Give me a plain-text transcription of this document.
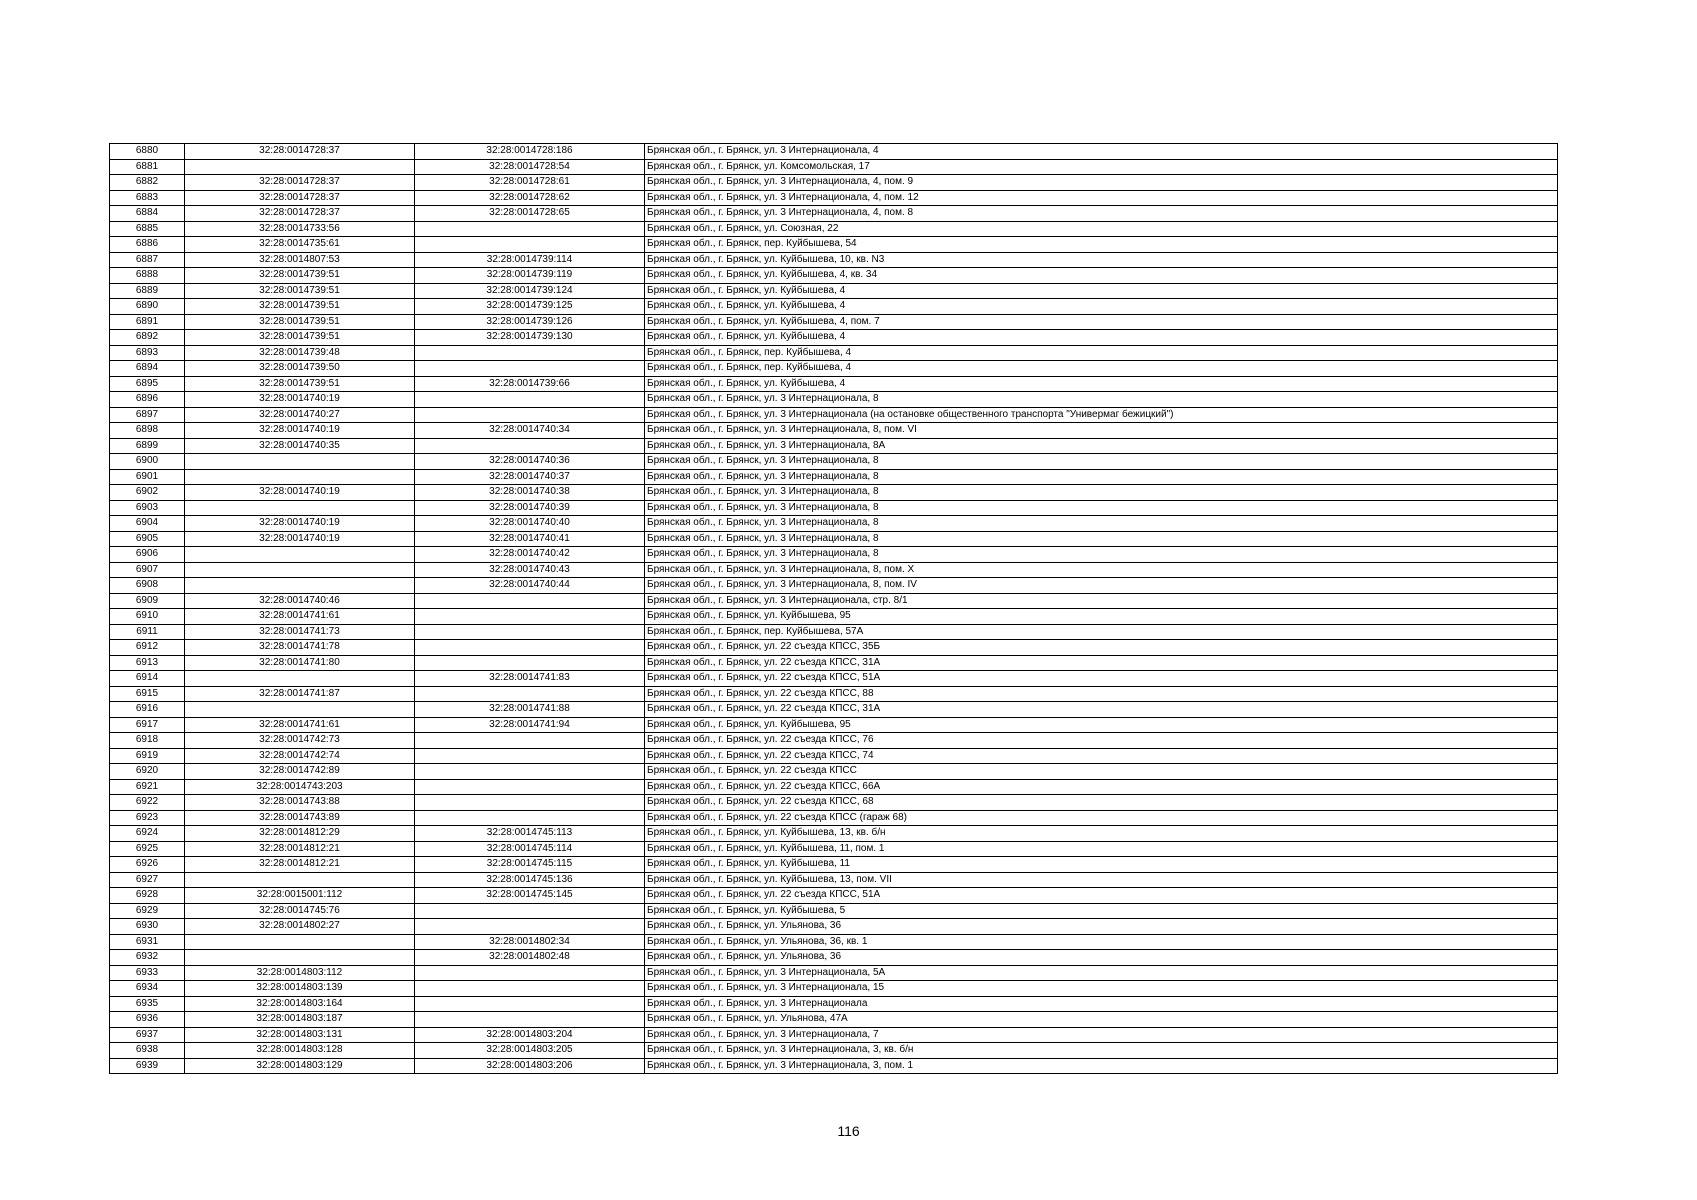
6880	32:28:0014728:37	32:28:0014728:186	Брянская обл., г. Брянск, ул. 3 Интернационала, 4
6881		32:28:0014728:54	Брянская обл., г. Брянск, ул. Комсомольская, 17
6882	32:28:0014728:37	32:28:0014728:61	Брянская обл., г. Брянск, ул. 3 Интернационала, 4, пом. 9
6883	32:28:0014728:37	32:28:0014728:62	Брянская обл., г. Брянск, ул. 3 Интернационала, 4, пом. 12
6884	32:28:0014728:37	32:28:0014728:65	Брянская обл., г. Брянск, ул. 3 Интернационала, 4, пом. 8
6885	32:28:0014733:56		Брянская обл., г. Брянск, ул. Союзная, 22
6886	32:28:0014735:61		Брянская обл., г. Брянск, пер. Куйбышева, 54
6887	32:28:0014807:53	32:28:0014739:114	Брянская обл., г. Брянск, ул. Куйбышева, 10, кв. N3
6888	32:28:0014739:51	32:28:0014739:119	Брянская обл., г. Брянск, ул. Куйбышева, 4, кв. 34
6889	32:28:0014739:51	32:28:0014739:124	Брянская обл., г. Брянск, ул. Куйбышева, 4
6890	32:28:0014739:51	32:28:0014739:125	Брянская обл., г. Брянск, ул. Куйбышева, 4
6891	32:28:0014739:51	32:28:0014739:126	Брянская обл., г. Брянск, ул. Куйбышева, 4, пом. 7
6892	32:28:0014739:51	32:28:0014739:130	Брянская обл., г. Брянск, ул. Куйбышева, 4
6893	32:28:0014739:48		Брянская обл., г. Брянск, пер. Куйбышева, 4
6894	32:28:0014739:50		Брянская обл., г. Брянск, пер. Куйбышева, 4
6895	32:28:0014739:51	32:28:0014739:66	Брянская обл., г. Брянск, ул. Куйбышева, 4
6896	32:28:0014740:19		Брянская обл., г. Брянск, ул. 3 Интернационала, 8
6897	32:28:0014740:27		Брянская обл., г. Брянск, ул. 3 Интернационала (на остановке общественного транспорта "Универмаг бежицкий")
6898	32:28:0014740:19	32:28:0014740:34	Брянская обл., г. Брянск, ул. 3 Интернационала, 8, пом. VI
6899	32:28:0014740:35		Брянская обл., г. Брянск, ул. 3 Интернационала, 8А
6900		32:28:0014740:36	Брянская обл., г. Брянск, ул. 3 Интернационала, 8
6901		32:28:0014740:37	Брянская обл., г. Брянск, ул. 3 Интернационала, 8
6902	32:28:0014740:19	32:28:0014740:38	Брянская обл., г. Брянск, ул. 3 Интернационала, 8
6903		32:28:0014740:39	Брянская обл., г. Брянск, ул. 3 Интернационала, 8
6904	32:28:0014740:19	32:28:0014740:40	Брянская обл., г. Брянск, ул. 3 Интернационала, 8
6905	32:28:0014740:19	32:28:0014740:41	Брянская обл., г. Брянск, ул. 3 Интернационала, 8
6906		32:28:0014740:42	Брянская обл., г. Брянск, ул. 3 Интернационала, 8
6907		32:28:0014740:43	Брянская обл., г. Брянск, ул. 3 Интернационала, 8, пом. X
6908		32:28:0014740:44	Брянская обл., г. Брянск, ул. 3 Интернационала, 8, пом. IV
6909	32:28:0014740:46		Брянская обл., г. Брянск, ул. 3 Интернационала, стр. 8/1
6910	32:28:0014741:61		Брянская обл., г. Брянск, ул. Куйбышева, 95
6911	32:28:0014741:73		Брянская обл., г. Брянск, пер. Куйбышева, 57А
6912	32:28:0014741:78		Брянская обл., г. Брянск, ул. 22 съезда КПСС, 35Б
6913	32:28:0014741:80		Брянская обл., г. Брянск, ул. 22 съезда КПСС, 31А
6914		32:28:0014741:83	Брянская обл., г. Брянск, ул. 22 съезда КПСС, 51А
6915	32:28:0014741:87		Брянская обл., г. Брянск, ул. 22 съезда КПСС, 88
6916		32:28:0014741:88	Брянская обл., г. Брянск, ул. 22 съезда КПСС, 31А
6917	32:28:0014741:61	32:28:0014741:94	Брянская обл., г. Брянск, ул. Куйбышева, 95
6918	32:28:0014742:73		Брянская обл., г. Брянск, ул. 22 съезда КПСС, 76
6919	32:28:0014742:74		Брянская обл., г. Брянск, ул. 22 съезда КПСС, 74
6920	32:28:0014742:89		Брянская обл., г. Брянск, ул. 22 съезда КПСС
6921	32:28:0014743:203		Брянская обл., г. Брянск, ул. 22 съезда КПСС, 66А
6922	32:28:0014743:88		Брянская обл., г. Брянск, ул. 22 съезда КПСС, 68
6923	32:28:0014743:89		Брянская обл., г. Брянск, ул. 22 съезда КПСС (гараж 68)
6924	32:28:0014812:29	32:28:0014745:113	Брянская обл., г. Брянск, ул. Куйбышева, 13, кв. б/н
6925	32:28:0014812:21	32:28:0014745:114	Брянская обл., г. Брянск, ул. Куйбышева, 11, пом. 1
6926	32:28:0014812:21	32:28:0014745:115	Брянская обл., г. Брянск, ул. Куйбышева, 11
6927		32:28:0014745:136	Брянская обл., г. Брянск, ул. Куйбышева, 13, пом. VII
6928	32:28:0015001:112	32:28:0014745:145	Брянская обл., г. Брянск, ул. 22 съезда КПСС, 51А
6929	32:28:0014745:76		Брянская обл., г. Брянск, ул. Куйбышева, 5
6930	32:28:0014802:27		Брянская обл., г. Брянск, ул. Ульянова, 36
6931		32:28:0014802:34	Брянская обл., г. Брянск, ул. Ульянова, 36, кв. 1
6932		32:28:0014802:48	Брянская обл., г. Брянск, ул. Ульянова, 36
6933	32:28:0014803:112		Брянская обл., г. Брянск, ул. 3 Интернационала, 5А
6934	32:28:0014803:139		Брянская обл., г. Брянск, ул. 3 Интернационала, 15
6935	32:28:0014803:164		Брянская обл., г. Брянск, ул. 3 Интернационала
6936	32:28:0014803:187		Брянская обл., г. Брянск, ул. Ульянова, 47А
6937	32:28:0014803:131	32:28:0014803:204	Брянская обл., г. Брянск, ул. 3 Интернационала, 7
6938	32:28:0014803:128	32:28:0014803:205	Брянская обл., г. Брянск, ул. 3 Интернационала, 3, кв. б/н
6939	32:28:0014803:129	32:28:0014803:206	Брянская обл., г. Брянск, ул. 3 Интернационала, 3, пом. 1
116
